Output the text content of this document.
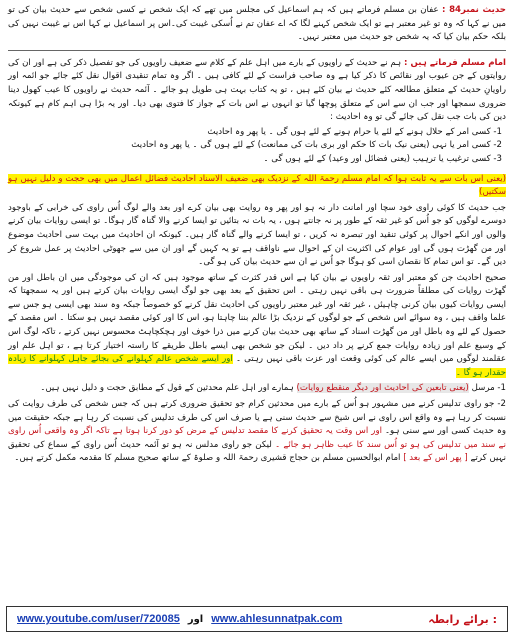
حدیث نمبر84 : عفان بن مسلم فرماتے ہیں کہ ہم اسماعیل کی مجلس میں تھے کہ ایک شخص نے کسی شخص سے حدیث بیان کی تو میں نے کہا کہ وہ تو غیر معتبر ہے تو ایک شخص کہنے لگا کہ اے عفان تم نے اُسکی غیبت کی۔اس پر اسماعیل نے کہا اس نے غیبت نہیں کی بلکہ حکم بیان کیا کہ یہ شخص جو حدیث میں معتبر نہیں۔

امام مسلم فرماتے ہیں : ہم نے حدیث کے راویوں کے بارے میں اہل علم کے کلام سے ضعیف راویوں کی جو تفصیل ذکر کی ہے اور ان کی روایتوں کے جن عیوب اور نقائص کا ذکر کیا ہے وہ صاحب فراست کے لئے کافی ہیں ۔ اگر وہ تمام تنقیدی اقوال نقل کئے جائے جو ائمہ اور راویانِ حدیث کے متعلق مطالعہ کئے حدیث نے بیان کئے ہیں ، تو یہ کتاب بہت ہی طویل ہو جائے ۔ آئمہ حدیث نے راویوں کا عیب کھول دینا ضروری سمجھا اور جب ان سے اس کے متعلق پوچھا گیا تو انہوں نے اس بات کے جواز کا فتوی بھی دیا۔ اور یہ بڑا ہی اہم کام ہے کیونکہ دین کی بات جب نقل کی جائے گی تو وہ احادیث :

1- کسی امر کے حلال ہونے کے لئے یا حرام ہونے کے لئے ہوں گی ۔ یا پھر وہ احادیث
2- کسی امر یا نہی (یعنی نیک بات کا حکم اور بری بات کی ممانعت) کے لئے ہوں گی ۔ یا پھر وہ احادیث
3- کسی ترغیب یا ترہیب (یعنی فضائل اور وعید) کے لئے ہوں گی ۔

(یعنی اس بات سے یہ ثابت ہوا کہ امام مسلم رحمۃ اللہ کے نزدیک بھی ضعیف الاسناد احادیث فضائل اعمال میں بھی حجت و دلیل نہیں ہو سکتیں)

جب حدیث کا کوئی راوی خود سچا اور امانت دار نہ ہو اور پھر وہ روایت بھی بیان کرے اور بعد والے لوگ اُس راوی کی خرابی کے باوجود دوسرے لوگوں کو جو اُس کو غیر ثقہ کے طور پر نہ جانتے ہوں ، یہ بات نہ بتائیں تو ایسا کرنے والا گناہ گار ہوگا۔ تو ایسی روایات بیان کرنے والوں اور انکے احوال پر کوئی تنقید اور تبصرہ نہ کریں ، تو ایسا کرنے والے گناہ گار ہیں۔ کیونکہ ان احادیث میں بہت سی احادیث موضوع اور من گھڑت ہوں گی اور عوام کی اکثریت ان کے احوال سے ناواقف ہے تو یہ کہیں گے اور ان میں سے جھوٹی احادیث پر عمل شروع کر دیں گے۔ تو اس تمام کا نقصان اسی کو ہوگا جو اُس نے ان سے حدیث بیان کی ہو گی۔

صحیح احادیث جن کو معتبر اور ثقہ راویوں نے بیان کیا ہے اس قدر کثرت کے ساتھ موجود ہیں کہ ان کی موجودگی میں ان باطل اور من گھڑت روایات کی مطلقاً ضرورت ہی باقی نہیں رہتی ۔ اس تحقیق کے بعد بھی جو لوگ ایسی روایات بیان کرتے ہیں اور یہ سمجھتا کہ ایسی روایات کیوں بیان کرنی چاہیئں ، غیر ثقہ اور غیر معتبر راویوں کی احادیث نقل کرنے کو خصوصاً جبکہ وہ سند بھی ایسی ہو جس سے علما واقف ہیں ، وہ سوائے اس شخص کے جو لوگوں کے نزدیک بڑا عالم بننا چاہتا ہو، اس کا اور کوئی مقصد نہیں ہو سکتا ۔ اس مقصد کے حصول کے لئے وہ باطل اور من گھڑت اسناد کے ساتھ بھی حدیث بیان کرنے میں ذرا خوف اور ہچکچاہٹ محسوس نہیں کرتے ، تاکہ لوگ اس کے وسیع علم اور زیادہ روایات جمع کرنے پر داد دیں ۔ لیکن جو شخص بھی ایسے باطل طریقے کا راستہ اختیار کرتا ہے ، تو اہل علم اور عقلمند لوگوں میں ایسے عالم کی کوئی وقعت اور عزت باقی نہیں رہتی ۔ اور ایسے شخص عالم کہلوانے کی بجائے جاہل کہلوانے کا زیادہ حقدار ہو گا ۔

1- مرسل (یعنی تابعین کی احادیث اور دیگر منقطع روایات) ہمارے اور اہل علم محدثین کے قول کے مطابق حجت و دلیل نہیں ہیں۔

2- جو راوی تدلیس کرنے میں مشہور ہو اُس کے بارے میں محدثین کرام جو تحقیق ضروری کرتے ہیں کہ جس شخص کی طرف روایت کی نسبت کر رہا ہے وہ واقع اس راوی نے اس شیخ سے حدیث سنی ہے یا صرف اس کی طرف تدلیس کی نسبت کر رہا ہے جبکہ حقیقت میں وہ حدیث کسی اور سے سنی ہو۔ اور اس وقت یہ تحقیق کرنے کا مقصد تدلیس کے مرض کو دور کرنا ہوتا ہے تاکہ اگر وہ واقعی اُس راوی نے سند میں تدلیس کی ہو تو اُس سند کا عیب ظاہر ہو جائے ۔ لیکن جو راوی مدلس نہ ہو تو آئمہ حدیث اُس راوی کے سماع کی تحقیق نہیں کرتے [ پھر اس کے بعد ] امام ابوالحسین مسلم بن حجاج قشیری رحمۃ اللہ و صلوۃ کے ساتھ صحیح مسلم کا مقدمہ مکمل کرتے ہیں۔

www.youtube.com/user/720085 اور www.ahlesunnatpak.com	برائے رابطہ :
